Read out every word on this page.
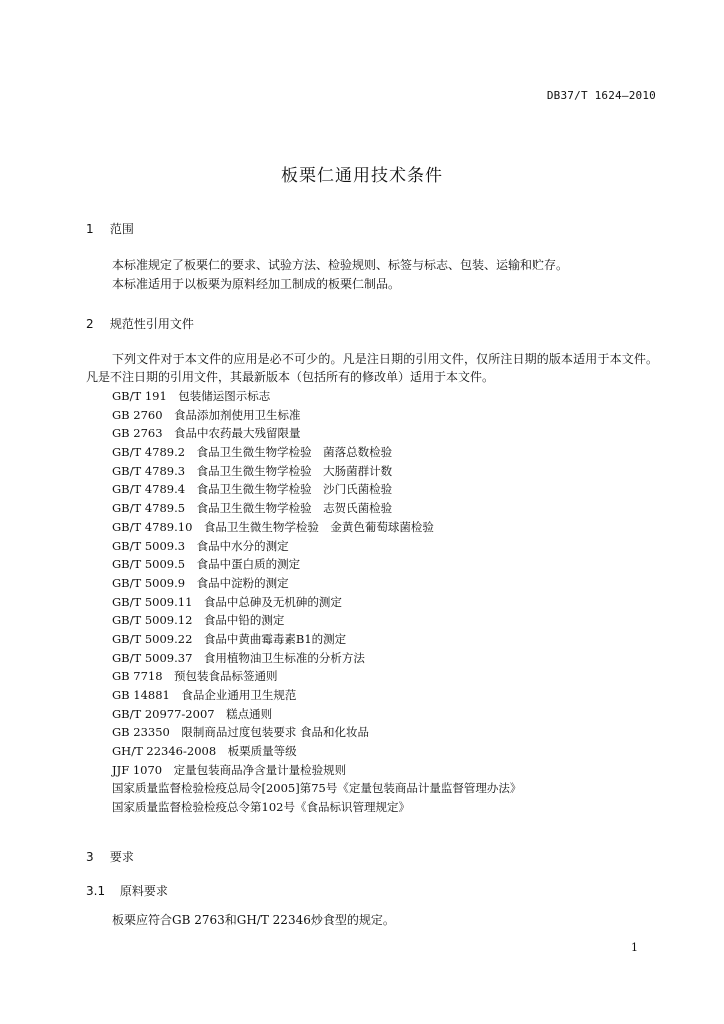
DB37/T 1624—2010
板栗仁通用技术条件
1 范围
本标准规定了板栗仁的要求、试验方法、检验规则、标签与标志、包装、运输和贮存。
本标准适用于以板栗为原料经加工制成的板栗仁制品。
2 规范性引用文件
下列文件对于本文件的应用是必不可少的。凡是注日期的引用文件，仅所注日期的版本适用于本文件。凡是不注日期的引用文件，其最新版本（包括所有的修改单）适用于本文件。
GB/T 191　包装储运图示标志
GB 2760　食品添加剂使用卫生标准
GB 2763　食品中农药最大残留限量
GB/T 4789.2　食品卫生微生物学检验　菌落总数检验
GB/T 4789.3　食品卫生微生物学检验　大肠菌群计数
GB/T 4789.4　食品卫生微生物学检验　沙门氏菌检验
GB/T 4789.5　食品卫生微生物学检验　志贺氏菌检验
GB/T 4789.10　食品卫生微生物学检验　金黄色葡萄球菌检验
GB/T 5009.3　食品中水分的测定
GB/T 5009.5　食品中蛋白质的测定
GB/T 5009.9　食品中淀粉的测定
GB/T 5009.11　食品中总砷及无机砷的测定
GB/T 5009.12　食品中铅的测定
GB/T 5009.22　食品中黄曲霉毒素B1的测定
GB/T 5009.37　食用植物油卫生标准的分析方法
GB 7718　预包装食品标签通则
GB 14881　食品企业通用卫生规范
GB/T 20977-2007　糕点通则
GB 23350　限制商品过度包装要求 食品和化妆品
GH/T 22346-2008　板栗质量等级
JJF 1070　定量包装商品净含量计量检验规则
国家质量监督检验检疫总局令[2005]第75号《定量包装商品计量监督管理办法》
国家质量监督检验检疫总令第102号《食品标识管理规定》
3 要求
3.1 原料要求
板栗应符合GB 2763和GH/T 22346炒食型的规定。
1
